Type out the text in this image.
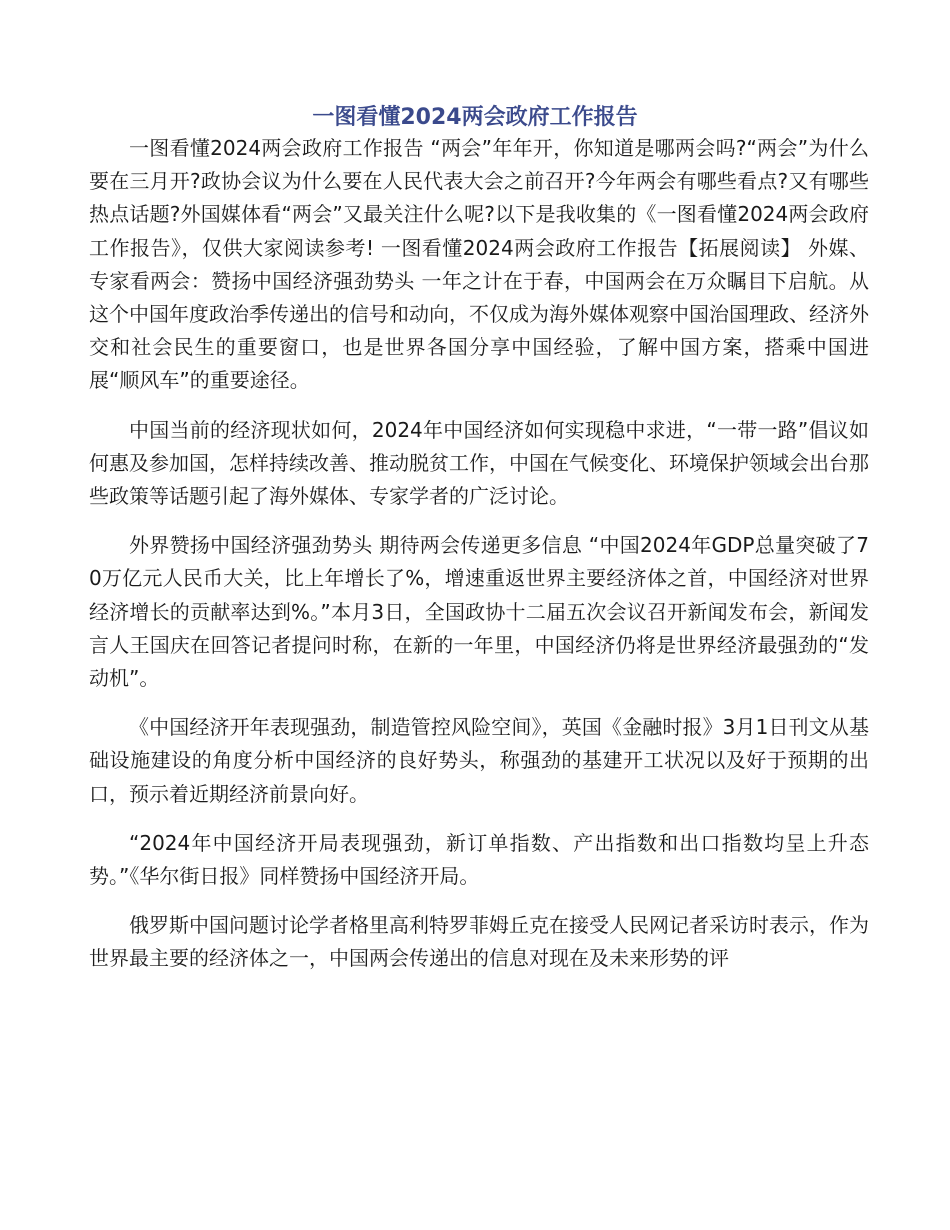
一图看懂2024两会政府工作报告

一图看懂2024两会政府工作报告 “两会”年年开，你知道是哪两会吗?“两会”为什么要在三月开?政协会议为什么要在人民代表大会之前召开?今年两会有哪些看点?又有哪些热点话题?外国媒体看“两会”又最关注什么呢?以下是我收集的《一图看懂2024两会政府工作报告》，仅供大家阅读参考! 一图看懂2024两会政府工作报告【拓展阅读】 外媒、专家看两会：赞扬中国经济强劲势头 一年之计在于春，中国两会在万众瞩目下启航。从这个中国年度政治季传递出的信号和动向，不仅成为海外媒体观察中国治国理政、经济外交和社会民生的重要窗口，也是世界各国分享中国经验，了解中国方案，搭乘中国进展“顺风车”的重要途径。

中国当前的经济现状如何，2024年中国经济如何实现稳中求进，“一带一路”倡议如何惠及参加国，怎样持续改善、推动脱贫工作，中国在气候变化、环境保护领域会出台那些政策等话题引起了海外媒体、专家学者的广泛讨论。

外界赞扬中国经济强劲势头 期待两会传递更多信息 “中国2024年GDP总量突破了70万亿元人民币大关，比上年增长了%，增速重返世界主要经济体之首，中国经济对世界经济增长的贡献率达到%。”本月3日，全国政协十二届五次会议召开新闻发布会，新闻发言人王国庆在回答记者提问时称，在新的一年里，中国经济仍将是世界经济最强劲的“发动机”。

《中国经济开年表现强劲，制造管控风险空间》，英国《金融时报》3月1日刊文从基础设施建设的角度分析中国经济的良好势头，称强劲的基建开工状况以及好于预期的出口，预示着近期经济前景向好。

“2024年中国经济开局表现强劲，新订单指数、产出指数和出口指数均呈上升态势。”《华尔街日报》同样赞扬中国经济开局。

俄罗斯中国问题讨论学者格里高利特罗菲姆丘克在接受人民网记者采访时表示，作为世界最主要的经济体之一，中国两会传递出的信息对现在及未来形势的评
